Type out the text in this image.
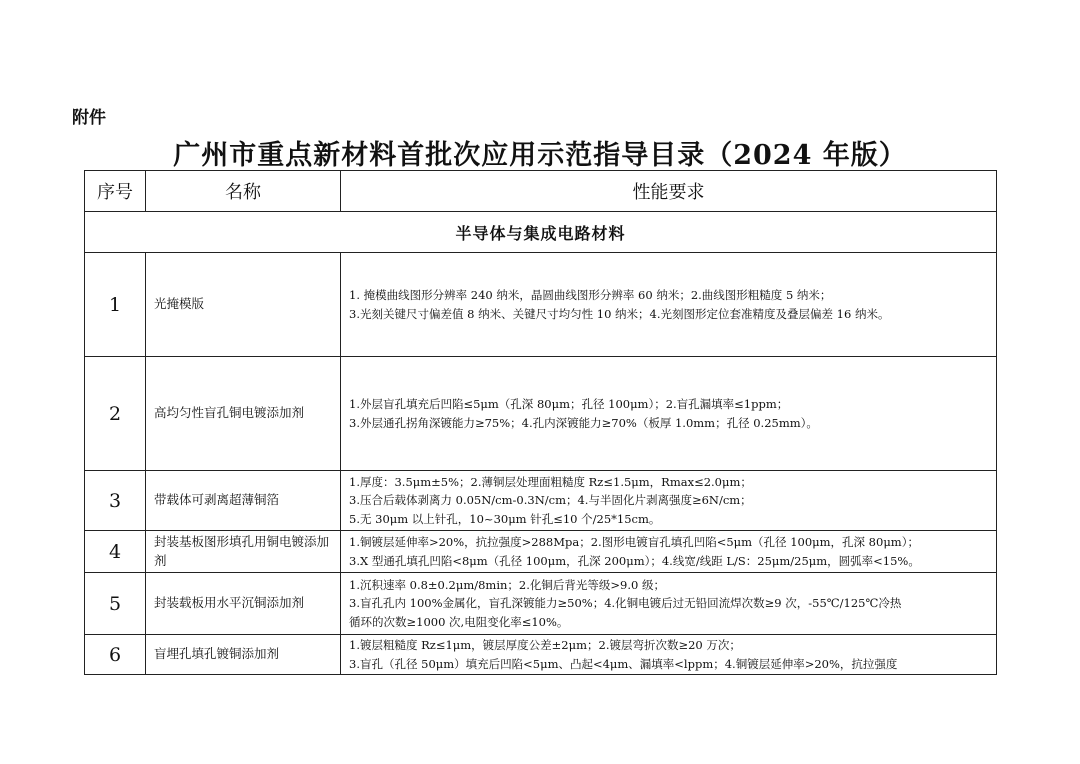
附件
广州市重点新材料首批次应用示范指导目录（2024 年版）
序号	名称	性能要求
半导体与集成电路材料		
1	光掩模版	1. 掩模曲线图形分辨率 240 纳米，晶圆曲线图形分辨率 60 纳米；2.曲线图形粗糙度 5 纳米；
3.光刻关键尺寸偏差值 8 纳米、关键尺寸均匀性 10 纳米；4.光刻图形定位套准精度及叠层偏差 16 纳米。

2	高均匀性盲孔铜电镀添加剂	1.外层盲孔填充后凹陷≤5μm（孔深 80μm；孔径 100μm）；2.盲孔漏填率≤1ppm；
3.外层通孔拐角深镀能力≥75%；4.孔内深镀能力≥70%（板厚 1.0mm；孔径 0.25mm）。

3	带载体可剥离超薄铜箔	1.厚度：3.5μm±5%；2.薄铜层处理面粗糙度 Rz≤1.5μm，Rmax≤2.0μm；
3.压合后载体剥离力 0.05N/cm-0.3N/cm；4.与半固化片剥离强度≥6N/cm；
5.无 30μm 以上针孔，10~30μm 针孔≤10 个/25*15cm。

4	封装基板图形填孔用铜电镀添加剂	1.铜镀层延伸率>20%，抗拉强度>288Mpa；2.图形电镀盲孔填孔凹陷<5μm（孔径 100μm，孔深 80μm）；
3.X 型通孔填孔凹陷<8μm（孔径 100μm，孔深 200μm）；4.线宽/线距 L/S：25μm/25μm，圆弧率<15%。

5	封装载板用水平沉铜添加剂	1.沉积速率 0.8±0.2μm/8min；2.化铜后背光等级>9.0 级；
3.盲孔孔内 100%金属化，盲孔深镀能力≥50%；4.化铜电镀后过无铅回流焊次数≥9 次，-55℃/125℃冷热
循环的次数≥1000 次,电阻变化率≤10%。

6	盲埋孔填孔镀铜添加剂	1.镀层粗糙度 Rz≤1μm，镀层厚度公差±2μm；2.镀层弯折次数≥20 万次；
3.盲孔（孔径 50μm）填充后凹陷<5μm、凸起<4μm、漏填率<lppm；4.铜镀层延伸率>20%，抗拉强度
